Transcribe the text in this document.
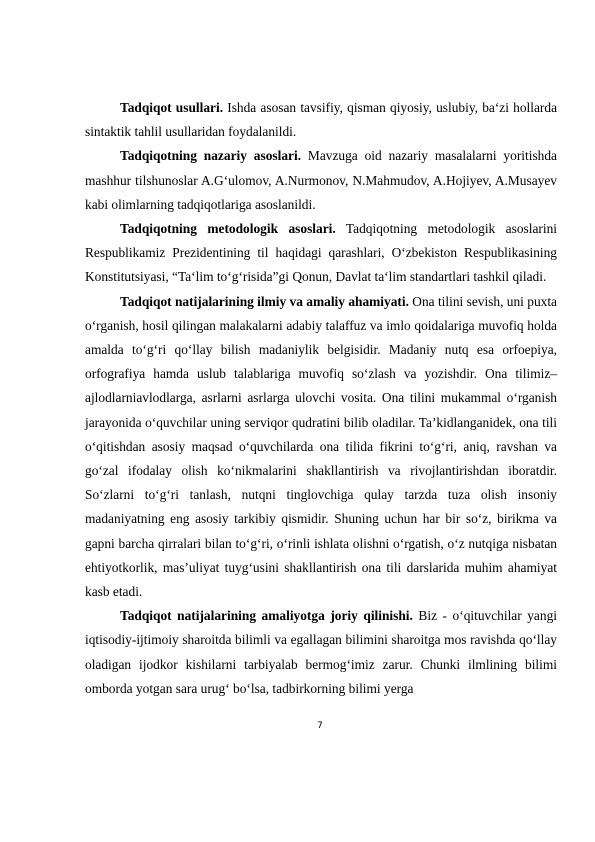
Tadqiqot usullari. Ishda asosan tavsifiy, qisman qiyosiy, uslubiy, ba‘zi hollarda sintaktik tahlil usullaridan foydalanildi.

Tadqiqotning nazariy asoslari. Mavzuga oid nazariy masalalarni yoritishda mashhur tilshunoslar A.G‘ulomov, A.Nurmonov, N.Mahmudov, A.Hojiyev, A.Musayev kabi olimlarning tadqiqotlariga asoslanildi.

Tadqiqotning metodologik asoslari. Tadqiqotning metodologik asoslarini Respublikamiz Prezidentining til haqidagi qarashlari, O‘zbekiston Respublikasining Konstitutsiyasi, “Ta‘lim to‘g‘risida”gi Qonun, Davlat ta‘lim standartlari tashkil qiladi.

Tadqiqot natijalarining ilmiy va amaliy ahamiyati. Ona tilini sevish, uni puxta o‘rganish, hosil qilingan malakalarni adabiy talaffuz va imlo qoidalariga muvofiq holda amalda to‘g‘ri qo‘llay bilish madaniylik belgisidir. Madaniy nutq esa orfoepiya, orfografiya hamda uslub talablariga muvofiq so‘zlash va yozishdir. Ona tilimiz–ajlodlarniavlodlarga, asrlarni asrlarga ulovchi vosita. Ona tilini mukammal o‘rganish jarayonida o‘quvchilar uning serviqor qudratini bilib oladilar. Ta’kidlanganidek, ona tili o‘qitishdan asosiy maqsad o‘quvchilarda ona tilida fikrini to‘g‘ri, aniq, ravshan va go‘zal ifodalay olish ko‘nikmalarini shakllantirish va rivojlantirishdan iboratdir. So‘zlarni to‘g‘ri tanlash, nutqni tinglovchiga qulay tarzda tuza olish insoniy madaniyatning eng asosiy tarkibiy qismidir. Shuning uchun har bir so‘z, birikma va gapni barcha qirralari bilan to‘g‘ri, o‘rinli ishlata olishni o‘rgatish, o‘z nutqiga nisbatan ehtiyotkorlik, mas’uliyat tuyg‘usini shakllantirish ona tili darslarida muhim ahamiyat kasb etadi.

Tadqiqot natijalarining amaliyotga joriy qilinishi. Biz - o‘qituvchilar yangi iqtisodiy-ijtimoiy sharoitda bilimli va egallagan bilimini sharoitga mos ravishda qo‘llay oladigan ijodkor kishilarni tarbiyalab bermog‘imiz zarur. Chunki ilmlining bilimi omborda yotgan sara urug‘ bo‘lsa, tadbirkorning bilimi yerga

7
